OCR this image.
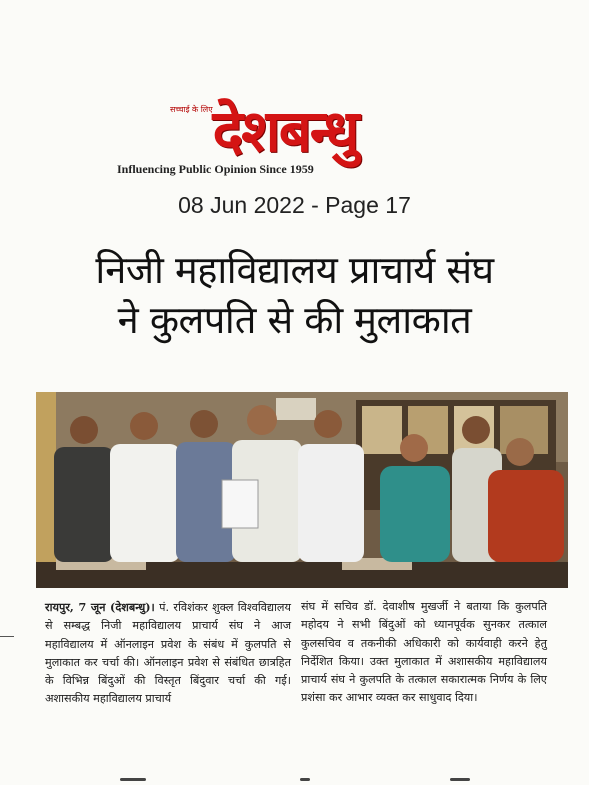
सच्चाई के लिए देशबन्धु
Influencing Public Opinion Since 1959
08 Jun 2022 - Page 17
निजी महाविद्यालय प्राचार्य संघ
ने कुलपति से की मुलाकात
रायपुर, 7 जून (देशबन्धु)। पं. रविशंकर शुक्ल विश्वविद्यालय से सम्बद्ध निजी महाविद्यालय प्राचार्य संघ ने आज महाविद्यालय में ऑनलाइन प्रवेश के संबंध में कुलपति से मुलाकात कर चर्चा की। ऑनलाइन प्रवेश से संबंधित छात्रहित के विभिन्न बिंदुओं की विस्तृत बिंदुवार चर्चा की गई। अशासकीय महाविद्यालय प्राचार्य
संघ में सचिव डॉ. देवाशीष मुखर्जी ने बताया कि कुलपति महोदय ने सभी बिंदुओं को ध्यानपूर्वक सुनकर तत्काल कुलसचिव व तकनीकी अधिकारी को कार्यवाही करने हेतु निर्देशित किया। उक्त मुलाकात में अशासकीय महाविद्यालय प्राचार्य संघ ने कुलपति के तत्काल सकारात्मक निर्णय के लिए प्रशंसा कर आभार व्यक्त कर साधुवाद दिया।
